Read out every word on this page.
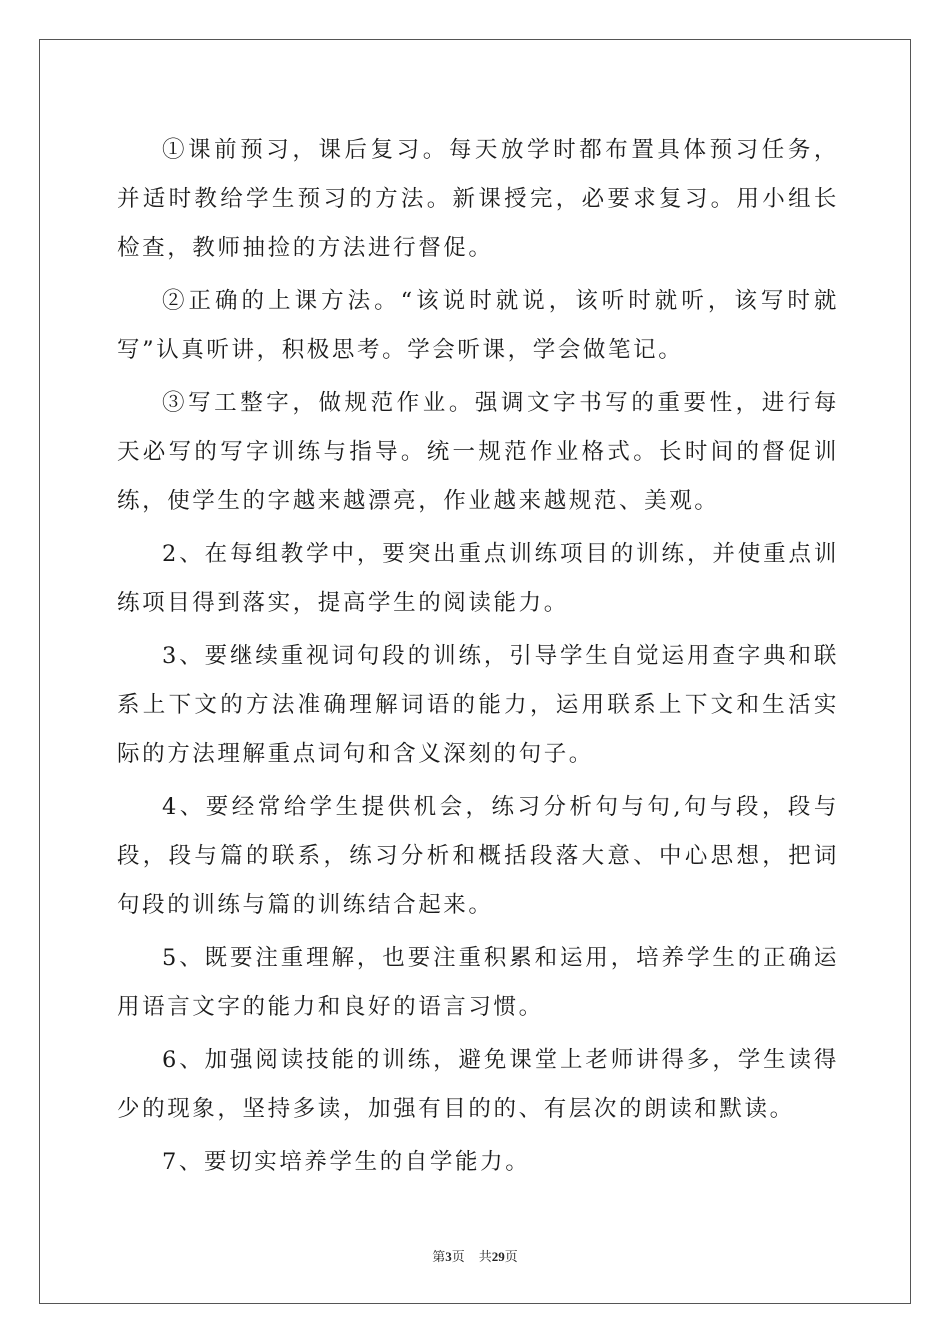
①课前预习，课后复习。每天放学时都布置具体预习任务，并适时教给学生预习的方法。新课授完，必要求复习。用小组长检查，教师抽捡的方法进行督促。

②正确的上课方法。“该说时就说，该听时就听，该写时就写”认真听讲，积极思考。学会听课，学会做笔记。

③写工整字，做规范作业。强调文字书写的重要性，进行每天必写的写字训练与指导。统一规范作业格式。长时间的督促训练，使学生的字越来越漂亮，作业越来越规范、美观。

2、在每组教学中，要突出重点训练项目的训练，并使重点训练项目得到落实，提高学生的阅读能力。

3、要继续重视词句段的训练，引导学生自觉运用查字典和联系上下文的方法准确理解词语的能力，运用联系上下文和生活实际的方法理解重点词句和含义深刻的句子。

4、要经常给学生提供机会，练习分析句与句,句与段，段与段，段与篇的联系，练习分析和概括段落大意、中心思想，把词句段的训练与篇的训练结合起来。

5、既要注重理解，也要注重积累和运用，培养学生的正确运用语言文字的能力和良好的语言习惯。

6、加强阅读技能的训练，避免课堂上老师讲得多，学生读得少的现象，坚持多读，加强有目的的、有层次的朗读和默读。

7、要切实培养学生的自学能力。

第3页 共29页
